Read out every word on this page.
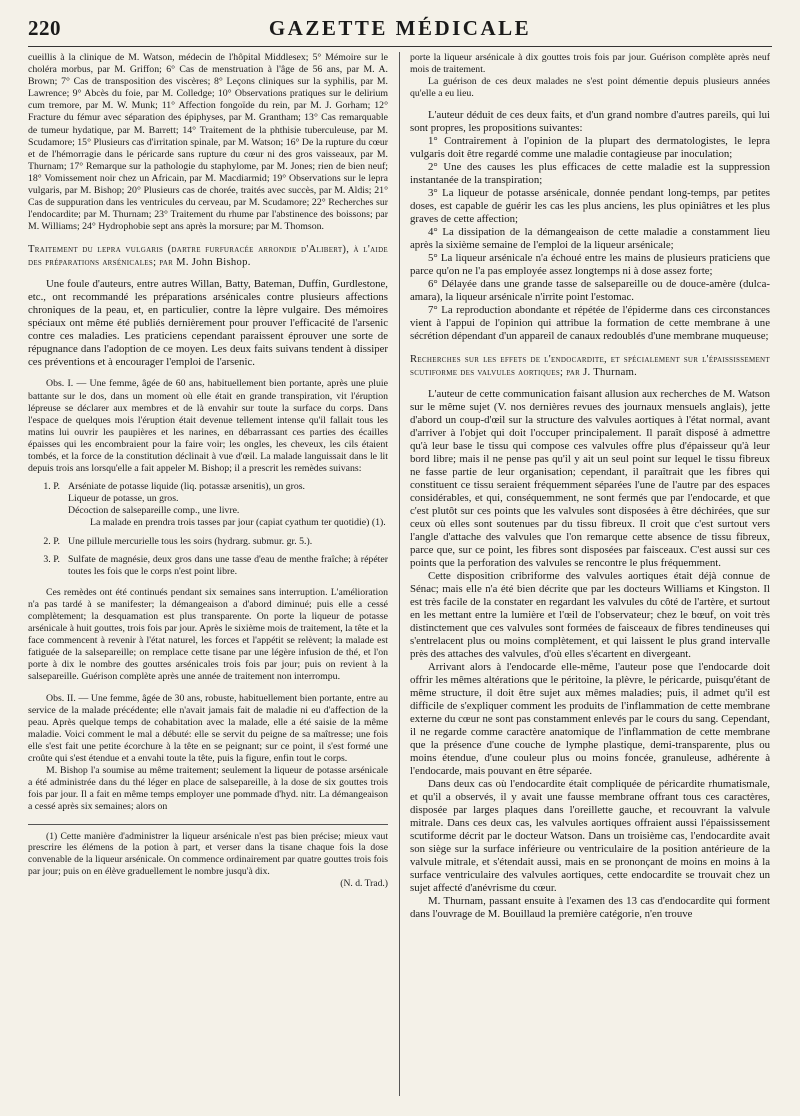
GAZETTE MÉDICALE
220

cueillis à la clinique de M. Watson, médecin de l'hôpital Middlesex; 5° Mémoire sur le choléra morbus, par M. Griffon; 6° Cas de menstruation à l'âge de 56 ans, par M. A. Brown; 7° Cas de transposition des viscères; 8° Leçons cliniques sur la syphilis, par M. Lawrence; 9° Abcès du foie, par M. Colledge; 10° Observations pratiques sur le delirium cum tremore, par M. W. Munk; 11° Affection fongoïde du rein, par M. J. Gorham; 12° Fracture du fémur avec séparation des épiphyses, par M. Grantham; 13° Cas remarquable de tumeur hydatique, par M. Barrett; 14° Traitement de la phthisie tuberculeuse, par M. Scudamore; 15° Plusieurs cas d'irritation spinale, par M. Watson; 16° De la rupture du cœur et de l'hémorragie dans le péricarde sans rupture du cœur ni des gros vaisseaux, par M. Thurnam; 17° Remarque sur la pathologie du staphylome, par M. Jones; rien de bien neuf; 18° Vomissement noir chez un Africain, par M. Macdiarmid; 19° Observations sur le lepra vulgaris, par M. Bishop; 20° Plusieurs cas de chorée, traités avec succès, par M. Aldis; 21° Cas de suppuration dans les ventricules du cerveau, par M. Scudamore; 22° Recherches sur l'endocardite; par M. Thurnam; 23° Traitement du rhume par l'abstinence des boissons; par M. Williams; 24° Hydrophobie sept ans après la morsure; par M. Thomson.

Traitement du lepra vulgaris (dartre furfuracée arrondie d'Alibert), à l'aide des préparations arsénicales; par M. John Bishop.

Une foule d'auteurs, entre autres Willan, Batty, Bateman, Duffin, Gurdlestone, etc., ont recommandé les préparations arsénicales contre plusieurs affections chroniques de la peau, et, en particulier, contre la lèpre vulgaire. Des mémoires spéciaux ont même été publiés dernièrement pour prouver l'efficacité de l'arsenic contre ces maladies. Les praticiens cependant paraissent éprouver une sorte de répugnance dans l'adoption de ce moyen. Les deux faits suivans tendent à dissiper ces préventions et à encourager l'emploi de l'arsenic.

Obs. I. — Une femme, âgée de 60 ans, habituellement bien portante, après une pluie battante sur le dos, dans un moment où elle était en grande transpiration, vit l'éruption lépreuse se déclarer aux membres et de là envahir sur toute la surface du corps. Dans l'espace de quelques mois l'éruption était devenue tellement intense qu'il fallait tous les matins lui ouvrir les paupières et les narines, en débarrassant ces parties des écailles épaisses qui les encombraient pour la faire voir; les ongles, les cheveux, les cils étaient tombés, et la force de la constitution déclinait à vue d'œil. La malade languissait dans le lit depuis trois ans lorsqu'elle a fait appeler M. Bishop; il a prescrit les remèdes suivans:

1. P. Arséniate de potasse liquide (liq. potassæ arsenitis), un gros.
Liqueur de potasse, un gros.
Décoction de salsepareille comp., une livre.
La malade en prendra trois tasses par jour (capiat cyathum ter quotidie) (1).
2. P. Une pillule mercurielle tous les soirs (hydrarg. submur. gr. 5.).
3. P. Sulfate de magnésie, deux gros dans une tasse d'eau de menthe fraîche; à répéter toutes les fois que le corps n'est point libre.

Ces remèdes ont été continués pendant six semaines sans interruption. L'amélioration n'a pas tardé à se manifester; la démangeaison a d'abord diminué; puis elle a cessé complètement; la desquamation est plus transparente. On porte la liqueur de potasse arsénicale à huit gouttes, trois fois par jour. Après le sixième mois de traitement, la tête et la face commencent à revenir à l'état naturel, les forces et l'appétit se relèvent; la malade est fatiguée de la salsepareille; on remplace cette tisane par une légère infusion de thé, et l'on porte à dix le nombre des gouttes arsénicales trois fois par jour; puis on revient à la salsepareille. Guérison complète après une année de traitement non interrompu.

Obs. II. — Une femme, âgée de 30 ans, robuste, habituellement bien portante, entre au service de la malade précédente; elle n'avait jamais fait de maladie ni eu d'affection de la peau. Après quelque temps de cohabitation avec la malade, elle a été saisie de la même maladie. Voici comment le mal a débuté: elle se servit du peigne de sa maîtresse; une fois elle s'est fait une petite écorchure à la tête en se peignant; sur ce point, il s'est formé une croûte qui s'est étendue et a envahi toute la tête, puis la figure, enfin tout le corps.

M. Bishop l'a soumise au même traitement; seulement la liqueur de potasse arsénicale a été administrée dans du thé léger en place de salsepareille, à la dose de six gouttes trois fois par jour. Il a fait en même temps employer une pommade d'hyd. nitr. La démangeaison a cessé après six semaines; alors on

(1) Cette manière d'administrer la liqueur arsénicale n'est pas bien précise; mieux vaut prescrire les élémens de la potion à part, et verser dans la tisane chaque fois la dose convenable de la liqueur arsénicale. On commence ordinairement par quatre gouttes trois fois par jour; puis on en élève graduellement le nombre jusqu'à dix.

(N. d. Trad.)

porte la liqueur arsénicale à dix gouttes trois fois par jour. Guérison complète après neuf mois de traitement.

La guérison de ces deux malades ne s'est point démentie depuis plusieurs années qu'elle a eu lieu.

L'auteur déduit de ces deux faits, et d'un grand nombre d'autres pareils, qui lui sont propres, les propositions suivantes:

1° Contrairement à l'opinion de la plupart des dermatologistes, le lepra vulgaris doit être regardé comme une maladie contagieuse par inoculation;

2° Une des causes les plus efficaces de cette maladie est la suppression instantanée de la transpiration;

3° La liqueur de potasse arsénicale, donnée pendant long-temps, par petites doses, est capable de guérir les cas les plus anciens, les plus opiniâtres et les plus graves de cette affection;

4° La dissipation de la démangeaison de cette maladie a constamment lieu après la sixième semaine de l'emploi de la liqueur arsénicale;

5° La liqueur arsénicale n'a échoué entre les mains de plusieurs praticiens que parce qu'on ne l'a pas employée assez longtemps ni à dose assez forte;

6° Délayée dans une grande tasse de salsepareille ou de douce-amère (dulca-amara), la liqueur arsénicale n'irrite point l'estomac.

7° La reproduction abondante et répétée de l'épiderme dans ces circonstances vient à l'appui de l'opinion qui attribue la formation de cette membrane à une sécrétion dépendant d'un appareil de canaux redoublés d'une membrane muqueuse;

Recherches sur les effets de l'endocardite, et spécialement sur l'épaississement scutiforme des valvules aortiques; par J. Thurnam.

L'auteur de cette communication faisant allusion aux recherches de M. Watson sur le même sujet (V. nos dernières revues des journaux mensuels anglais), jette d'abord un coup-d'œil sur la structure des valvules aortiques à l'état normal, avant d'arriver à l'objet qui doit l'occuper principalement. Il paraît disposé à admettre qu'à leur base le tissu qui compose ces valvules offre plus d'épaisseur qu'à leur bord libre; mais il ne pense pas qu'il y ait un seul point sur lequel le tissu fibreux ne fasse partie de leur organisation; cependant, il paraîtrait que les fibres qui constituent ce tissu seraient fréquemment séparées l'une de l'autre par des espaces considérables, et qui, conséquemment, ne sont fermés que par l'endocarde, et que c'est plutôt sur ces points que les valvules sont disposées à être déchirées, que sur ceux où elles sont soutenues par du tissu fibreux. Il croit que c'est surtout vers l'angle d'attache des valvules que l'on remarque cette absence de tissu fibreux, parce que, sur ce point, les fibres sont disposées par faisceaux. C'est aussi sur ces points que la perforation des valvules se rencontre le plus fréquemment.

Cette disposition cribriforme des valvules aortiques était déjà connue de Sénac; mais elle n'a été bien décrite que par les docteurs Williams et Kingston. Il est très facile de la constater en regardant les valvules du côté de l'artère, et surtout en les mettant entre la lumière et l'œil de l'observateur; chez le bœuf, on voit très distinctement que ces valvules sont formées de faisceaux de fibres tendineuses qui s'entrelacent plus ou moins complètement, et qui laissent le plus grand intervalle près des attaches des valvules, d'où elles s'écartent en divergeant.

Arrivant alors à l'endocarde elle-même, l'auteur pose que l'endocarde doit offrir les mêmes altérations que le péritoine, la plèvre, le péricarde, puisqu'étant de même structure, il doit être sujet aux mêmes maladies; puis, il admet qu'il est difficile de s'expliquer comment les produits de l'inflammation de cette membrane externe du cœur ne sont pas constamment enlevés par le cours du sang. Cependant, il ne regarde comme caractère anatomique de l'inflammation de cette membrane que la présence d'une couche de lymphe plastique, demi-transparente, plus ou moins étendue, d'une couleur plus ou moins foncée, granuleuse, adhérente à l'endocarde, mais pouvant en être séparée.

Dans deux cas où l'endocardite était compliquée de péricardite rhumatismale, et qu'il a observés, il y avait une fausse membrane offrant tous ces caractères, disposée par larges plaques dans l'oreillette gauche, et recouvrant la valvule mitrale. Dans ces deux cas, les valvules aortiques offraient aussi l'épaississement scutiforme décrit par le docteur Watson. Dans un troisième cas, l'endocardite avait son siège sur la surface inférieure ou ventriculaire de la position antérieure de la valvule mitrale, et s'étendait aussi, mais en se prononçant de moins en moins à la surface ventriculaire des valvules aortiques, cette endocardite se trouvait chez un sujet affecté d'anévrisme du cœur.

M. Thurnam, passant ensuite à l'examen des 13 cas d'endocardite qui forment dans l'ouvrage de M. Bouillaud la première catégorie, n'en trouve
